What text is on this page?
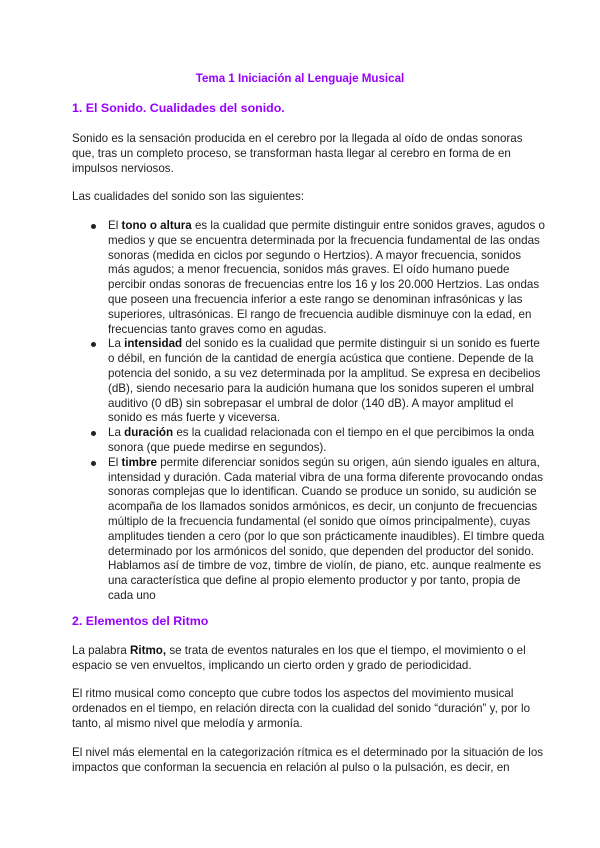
Tema 1 Iniciación al Lenguaje Musical
1. El Sonido. Cualidades del sonido.
Sonido es la sensación producida en el cerebro por la llegada al oído de ondas sonoras
que, tras un completo proceso, se transforman hasta llegar al cerebro en forma de en
impulsos nerviosos.
Las cualidades del sonido son las siguientes:
El tono o altura es la cualidad que permite distinguir entre sonidos graves, agudos o
medios y que se encuentra determinada por la frecuencia fundamental de las ondas
sonoras (medida en ciclos por segundo o Hertzios). A mayor frecuencia, sonidos
más agudos; a menor frecuencia, sonidos más graves. El oído humano puede
percibir ondas sonoras de frecuencias entre los 16 y los 20.000 Hertzios. Las ondas
que poseen una frecuencia inferior a este rango se denominan infrasónicas y las
superiores, ultrasónicas. El rango de frecuencia audible disminuye con la edad, en
frecuencias tanto graves como en agudas.
La intensidad del sonido es la cualidad que permite distinguir si un sonido es fuerte
o débil, en función de la cantidad de energía acústica que contiene. Depende de la
potencia del sonido, a su vez determinada por la amplitud. Se expresa en decibelios
(dB), siendo necesario para la audición humana que los sonidos superen el umbral
auditivo (0 dB) sin sobrepasar el umbral de dolor (140 dB). A mayor amplitud el
sonido es más fuerte y viceversa.
La duración es la cualidad relacionada con el tiempo en el que percibimos la onda
sonora (que puede medirse en segundos).
El timbre permite diferenciar sonidos según su origen, aún siendo iguales en altura,
intensidad y duración. Cada material vibra de una forma diferente provocando ondas
sonoras complejas que lo identifican. Cuando se produce un sonido, su audición se
acompaña de los llamados sonidos armónicos, es decir, un conjunto de frecuencias
múltiplo de la frecuencia fundamental (el sonido que oímos principalmente), cuyas
amplitudes tienden a cero (por lo que son prácticamente inaudibles). El timbre queda
determinado por los armónicos del sonido, que dependen del productor del sonido.
Hablamos así de timbre de voz, timbre de violín, de piano, etc. aunque realmente es
una característica que define al propio elemento productor y por tanto, propia de
cada uno
2. Elementos del Ritmo
La palabra Ritmo, se trata de eventos naturales en los que el tiempo, el movimiento o el
espacio se ven envueltos, implicando un cierto orden y grado de periodicidad.
El ritmo musical como concepto que cubre todos los aspectos del movimiento musical
ordenados en el tiempo, en relación directa con la cualidad del sonido “duración” y, por lo
tanto, al mismo nivel que melodía y armonía.
El nivel más elemental en la categorización rítmica es el determinado por la situación de los
impactos que conforman la secuencia en relación al pulso o la pulsación, es decir, en
